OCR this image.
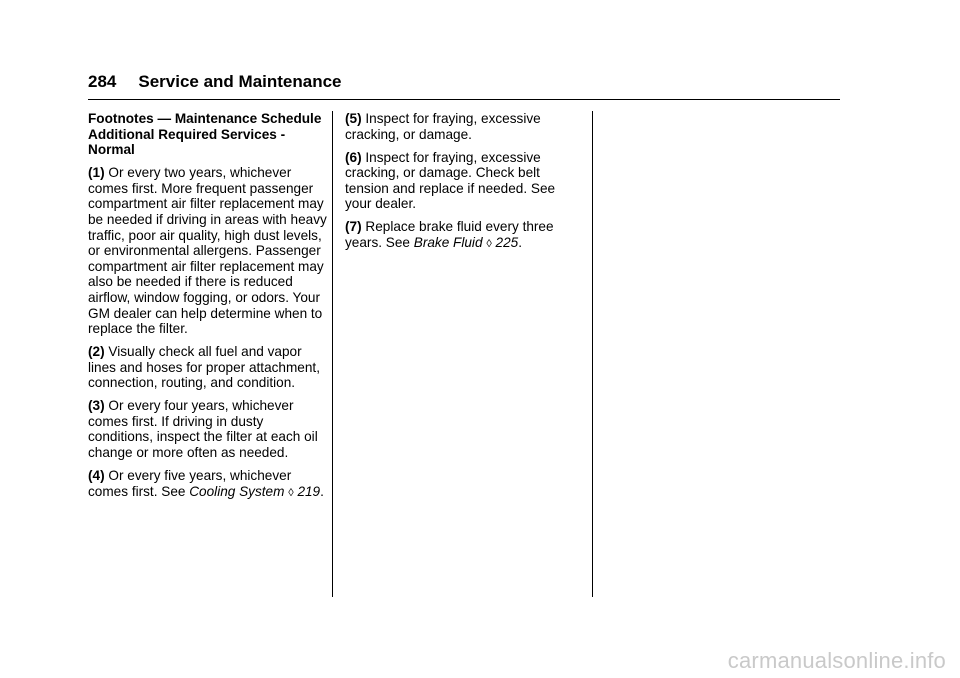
284 Service and Maintenance

Footnotes — Maintenance Schedule Additional Required Services - Normal

(1) Or every two years, whichever comes first. More frequent passenger compartment air filter replacement may be needed if driving in areas with heavy traffic, poor air quality, high dust levels, or environmental allergens. Passenger compartment air filter replacement may also be needed if there is reduced airflow, window fogging, or odors. Your GM dealer can help determine when to replace the filter.

(2) Visually check all fuel and vapor lines and hoses for proper attachment, connection, routing, and condition.

(3) Or every four years, whichever comes first. If driving in dusty conditions, inspect the filter at each oil change or more often as needed.

(4) Or every five years, whichever comes first. See Cooling System ◊ 219.

(5) Inspect for fraying, excessive cracking, or damage.

(6) Inspect for fraying, excessive cracking, or damage. Check belt tension and replace if needed. See your dealer.

(7) Replace brake fluid every three years. See Brake Fluid ◊ 225.

carmanualsonline.info
